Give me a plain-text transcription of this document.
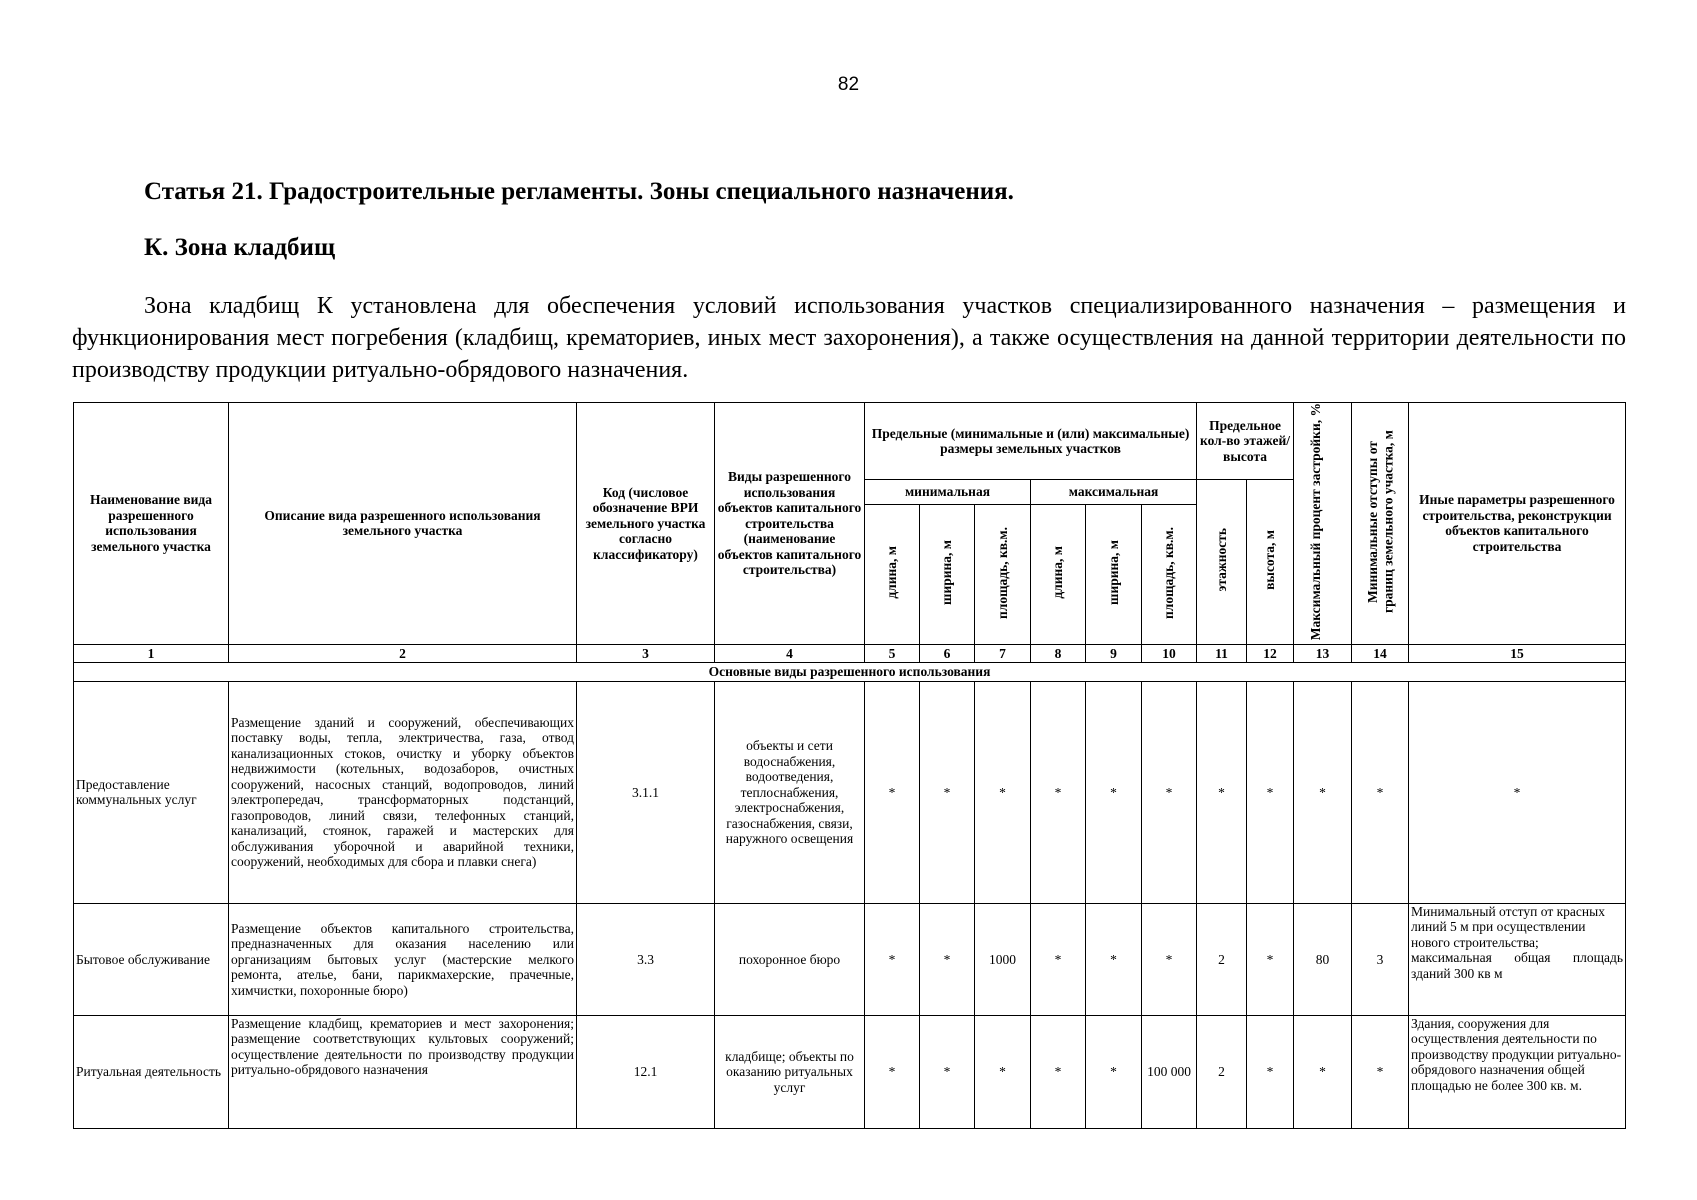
82
Статья 21. Градостроительные регламенты. Зоны специального назначения.
К. Зона кладбищ

Зона кладбищ К установлена для обеспечения условий использования участков специализированного назначения – размещения и функционирования мест погребения (кладбищ, крематориев, иных мест захоронения), а также осуществления на данной территории деятельности по производству продукции ритуально-обрядового назначения.

Наименование вида разрешенного использования земельного участка	Описание вида разрешенного использования земельного участка	Код (числовое обозначение ВРИ земельного участка согласно классификатору)	Виды разрешенного использования объектов капитального строительства (наименование объектов капитального строительства)	Предельные (минимальные и (или) максимальные) размеры земельных участков						Предельное кол-во этажей/ высота		Максимальный процент застройки, %	Минимальные отступы от границ земельного участка, м	Иные параметры разрешенного строительства, реконструкции объектов капитального строительства
				минимальная			максимальная			этажность	высота, м			
				длина, м	ширина, м	площадь, кв.м.	длина, м	ширина, м	площадь, кв.м.					
1	2	3	4	5	6	7	8	9	10	11	12	13	14	15
Основные виды разрешенного использования														
Предоставление коммунальных услуг	Размещение зданий и сооружений, обеспечивающих поставку воды, тепла, электричества, газа, отвод канализационных стоков, очистку и уборку объектов недвижимости (котельных, водозаборов, очистных сооружений, насосных станций, водопроводов, линий электропередач, трансформаторных подстанций, газопроводов, линий связи, телефонных станций, канализаций, стоянок, гаражей и мастерских для обслуживания уборочной и аварийной техники, сооружений, необходимых для сбора и плавки снега)	3.1.1	объекты и сети водоснабжения, водоотведения, теплоснабжения, электроснабжения, газоснабжения, связи, наружного освещения	*	*	*	*	*	*	*	*	*	*	*
Бытовое обслуживание	Размещение объектов капитального строительства, предназначенных для оказания населению или организациям бытовых услуг (мастерские мелкого ремонта, ателье, бани, парикмахерские, прачечные, химчистки, похоронные бюро)	3.3	похоронное бюро	*	*	1000	*	*	*	2	*	80	3	Минимальный отступ от красных линий 5 м при осуществлении нового строительства;
максимальная общая площадь зданий 300 кв м

Ритуальная деятельность	Размещение кладбищ, крематориев и мест захоронения; размещение соответствующих культовых сооружений; осуществление деятельности по производству продукции ритуально-обрядового назначения	12.1	кладбище; объекты по оказанию ритуальных услуг	*	*	*	*	*	100 000	2	*	*	*	Здания, сооружения для осуществления деятельности по производству продукции ритуально-обрядового назначения общей площадью не более 300 кв. м.
